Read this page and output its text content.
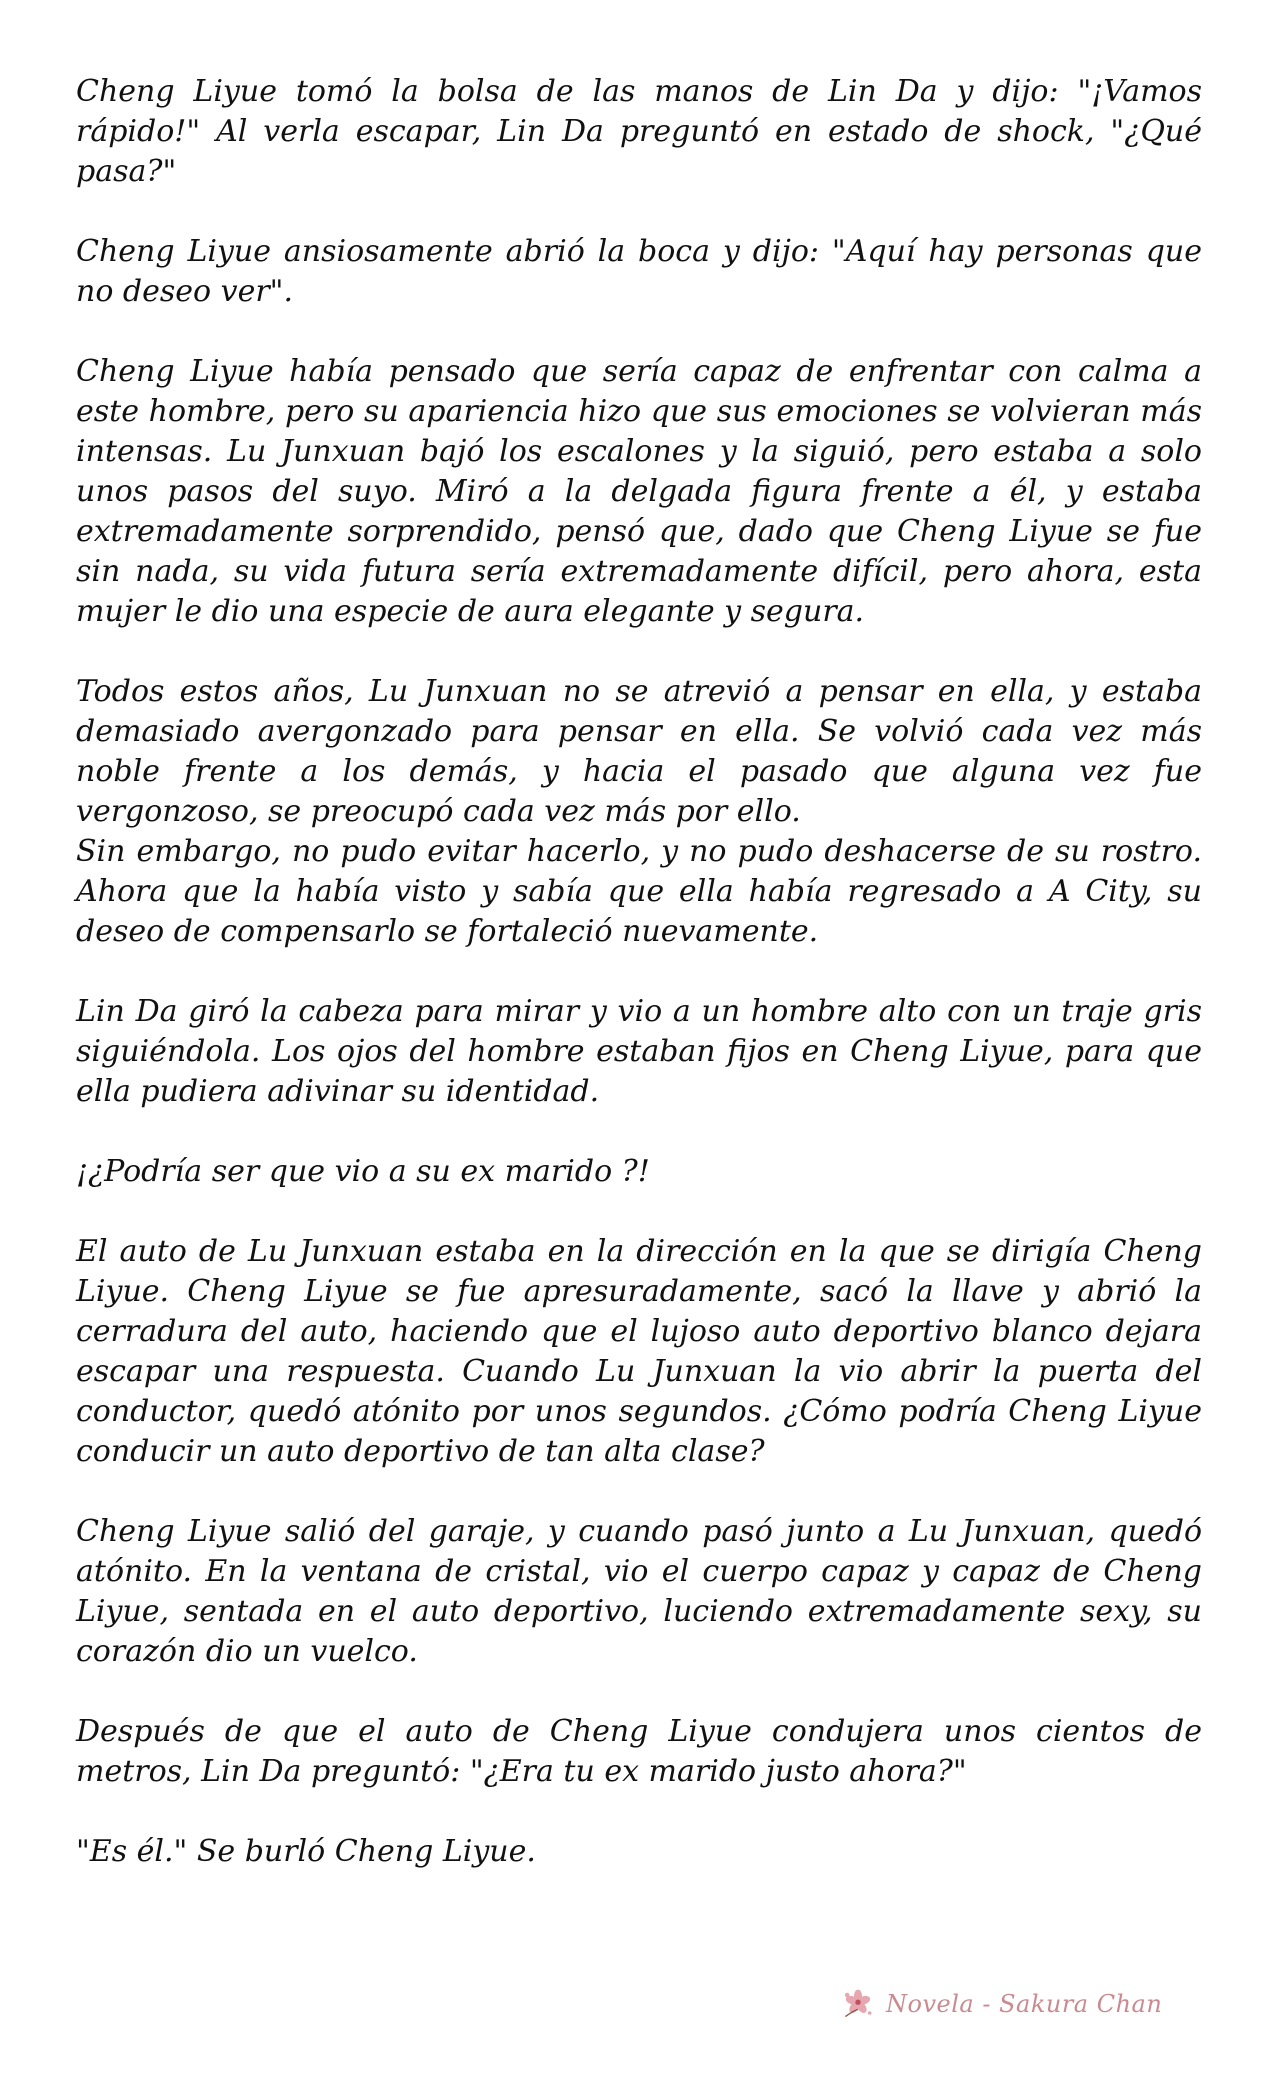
Cheng Liyue tomó la bolsa de las manos de Lin Da y dijo: "¡Vamos rápido!" Al verla escapar, Lin Da preguntó en estado de shock, "¿Qué pasa?"

Cheng Liyue ansiosamente abrió la boca y dijo: "Aquí hay personas que no deseo ver".

Cheng Liyue había pensado que sería capaz de enfrentar con calma a este hombre, pero su apariencia hizo que sus emociones se volvieran más intensas. Lu Junxuan bajó los escalones y la siguió, pero estaba a solo unos pasos del suyo. Miró a la delgada figura frente a él, y estaba extremadamente sorprendido, pensó que, dado que Cheng Liyue se fue sin nada, su vida futura sería extremadamente difícil, pero ahora, esta mujer le dio una especie de aura elegante y segura.

Todos estos años, Lu Junxuan no se atrevió a pensar en ella, y estaba demasiado avergonzado para pensar en ella. Se volvió cada vez más noble frente a los demás, y hacia el pasado que alguna vez fue vergonzoso, se preocupó cada vez más por ello.

Sin embargo, no pudo evitar hacerlo, y no pudo deshacerse de su rostro. Ahora que la había visto y sabía que ella había regresado a A City, su deseo de compensarlo se fortaleció nuevamente.

Lin Da giró la cabeza para mirar y vio a un hombre alto con un traje gris siguiéndola. Los ojos del hombre estaban fijos en Cheng Liyue, para que ella pudiera adivinar su identidad.

¡¿Podría ser que vio a su ex marido ?!

El auto de Lu Junxuan estaba en la dirección en la que se dirigía Cheng Liyue. Cheng Liyue se fue apresuradamente, sacó la llave y abrió la cerradura del auto, haciendo que el lujoso auto deportivo blanco dejara escapar una respuesta. Cuando Lu Junxuan la vio abrir la puerta del conductor, quedó atónito por unos segundos. ¿Cómo podría Cheng Liyue conducir un auto deportivo de tan alta clase?

Cheng Liyue salió del garaje, y cuando pasó junto a Lu Junxuan, quedó atónito. En la ventana de cristal, vio el cuerpo capaz y capaz de Cheng Liyue, sentada en el auto deportivo, luciendo extremadamente sexy, su corazón dio un vuelco.

Después de que el auto de Cheng Liyue condujera unos cientos de metros, Lin Da preguntó: "¿Era tu ex marido justo ahora?"

"Es él." Se burló Cheng Liyue.

Novela - Sakura Chan
